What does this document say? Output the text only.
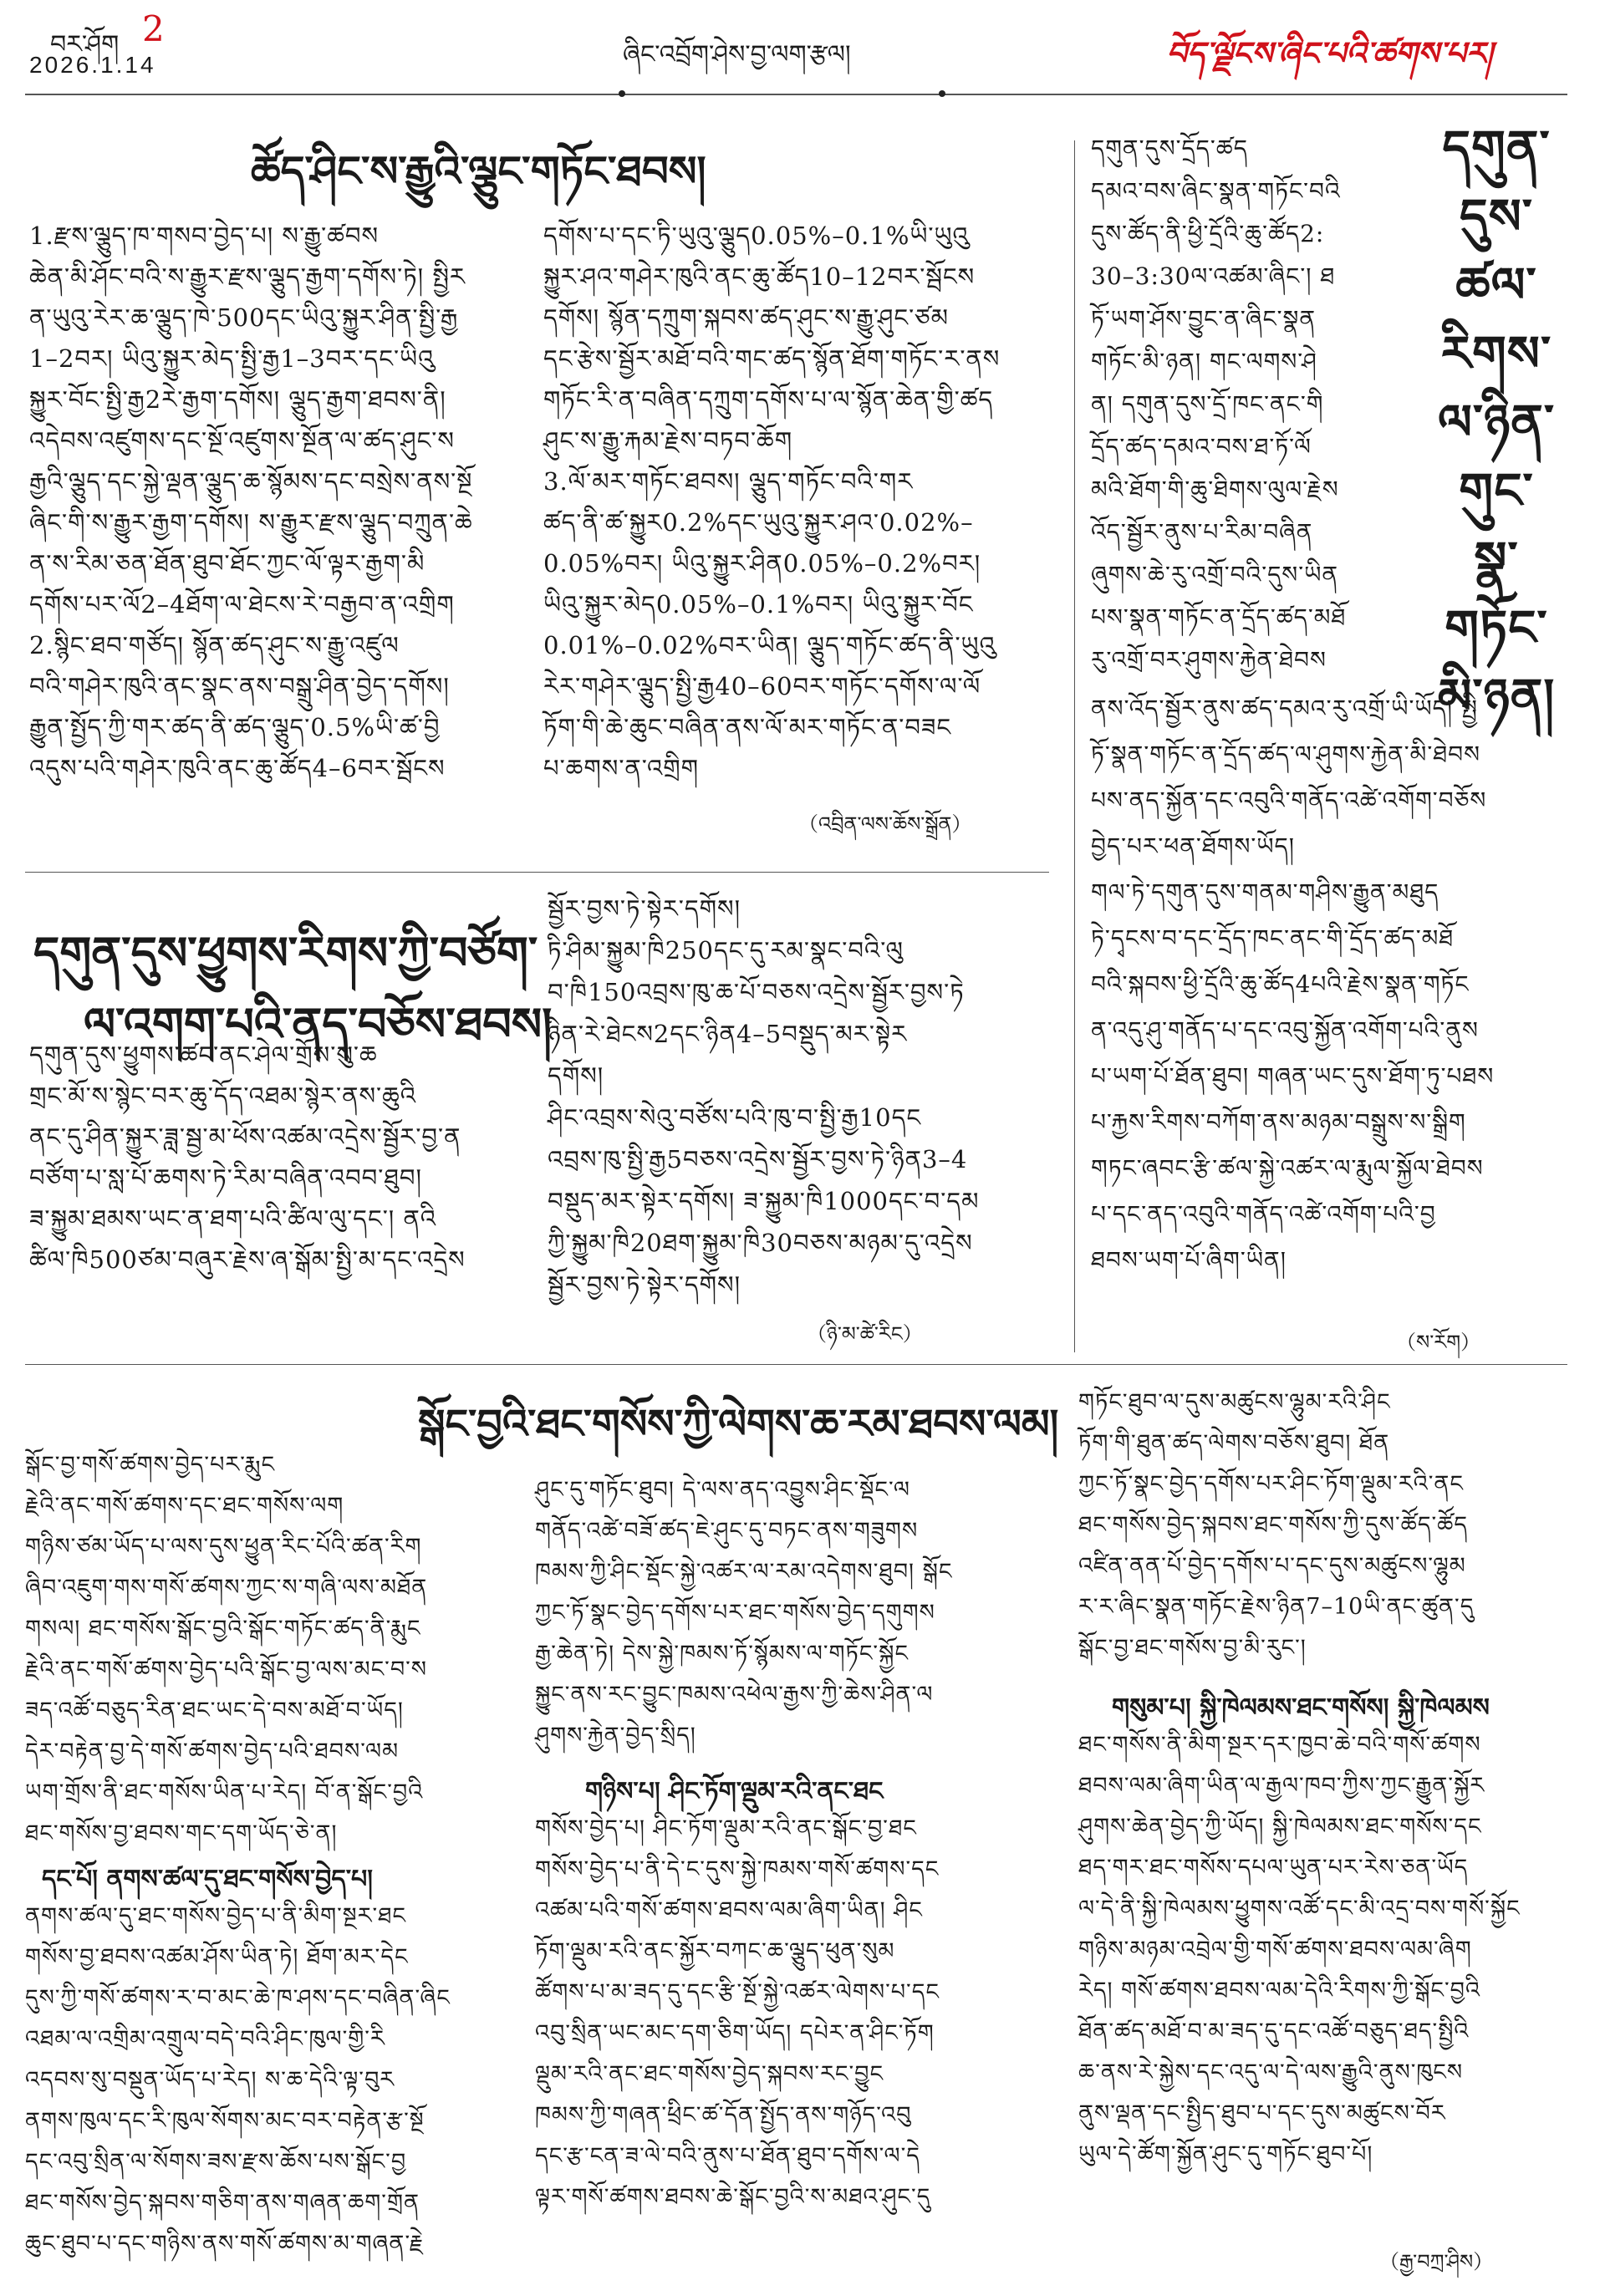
བར་ཤོག 2
2026.1.14	ཞིང་འབྲོག་ཤེས་བྱ་ལག་རྩལ།	བོད་ལྗོངས་ཞིང་པའི་ཚགས་པར།
ཚོད་ཤིང་ས་རྒྱུའི་ལྕུང་གཏོང་ཐབས།
1.རྫས་ལྕུད་ཁ་གསབ་བྱེད་པ། ས་རྒྱུ་ཚབས
ཆེན་མི་ཤོང་བའི་ས་རྒྱུར་རྫས་ལྕུད་རྒྱག་དགོས་ཏེ། སྤྱིར
ན་ཡུའུ་རེར་ཆ་ལྕུད་ཁེ་500དང་ཡིའུ་སྐྱུར་ཤིན་སྤྱི་རྒྱ
1–2བར། ཡིའུ་སྐྱུར་མེད་སྤྱི་རྒྱ1–3བར་དང་ཡིའུ
སྐྱུར་བོང་སྤྱི་རྒྱ2རེ་རྒྱག་དགོས། ལྕུད་རྒྱག་ཐབས་ནི།
འདེབས་འཛུགས་དང་སྔོ་འཛུགས་སྔོན་ལ་ཚད་ཤུང་ས
རྒྱའི་ལྕུད་དང་སྐྱེ་ལྡན་ལྕུད་ཆ་སྙོམས་དང་བསྲེས་ནས་སྔོ
ཞིང་གི་ས་རྒྱུར་རྒྱག་དགོས། ས་རྒྱུར་རྫས་ལྕུད་བཀྲུན་ཆེ
ན་ས་རིམ་ཅན་ཐོན་ཐུབ་ཐོང་ཀྱང་ལོ་ལྟར་རྒྱག་མི
དགོས་པར་ལོ2–4ཐོག་ལ་ཐེངས་རེ་བརྒྱབ་ན་འགྲིག
2.སྙིང་ཐབ་གཙོད། སྙོན་ཚད་ཤུང་ས་རྒྱུ་འཛུལ
བའི་གཤེར་ཁུའི་ནང་སྣང་ནས་བསྒྲུ་ཤིན་བྱེད་དགོས།
རྒྱུན་སྤྱོད་ཀྱི་གར་ཚད་ནི་ཚད་ལྕུད་0.5%ཡི་ཚ་བྱི
འདུས་པའི་གཤེར་ཁུའི་ནང་ཆུ་ཚོད4–6བར་སྦོངས
དགོས་པ་དང་ཏི་ཡུའུ་ལྕུད0.05%–0.1%ཡི་ཡུའུ
སྐྱུར་ཤའ་གཤེར་ཁུའི་ནང་ཆུ་ཚོད10–12བར་སྦོངས
དགོས། སྙོན་དཀྲུག་སྐབས་ཚད་ཤུང་ས་རྒྱུ་ཤུང་ཙམ
དང་རྩེས་སྦྱོར་མཐོ་བའི་གང་ཚད་སྙོན་ཐོག་གཏོང་ར་ནས
གཏོང་རི་ན་བཞིན་དཀྲུག་དགོས་པ་ལ་སྙོན་ཆེན་གྱི་ཚད
ཤུང་ས་རྒྱུ་རྐམ་རྗེས་བཏབ་ཆོག
3.ལོ་མར་གཏོང་ཐབས། ལྕུད་གཏོང་བའི་གར
ཚད་ནི་ཚ་སྐྱུར0.2%དང་ཡུའུ་སྐྱུར་ཤའ་0.02%–
0.05%བར། ཡིའུ་སྐྱུར་ཤིན0.05%–0.2%བར།
ཡིའུ་སྐྱུར་མེད0.05%–0.1%བར། ཡིའུ་སྐྱུར་བོང
0.01%–0.02%བར་ཡིན། ལྕུད་གཏོང་ཚད་ནི་ཡུའུ
རེར་གཤེར་ལྕུད་སྤྱི་རྒྱ40–60བར་གཏོང་དགོས་ལ་ལོ
ཏོག་གི་ཆེ་ཆུང་བཞིན་ནས་ལོ་མར་གཏོང་ན་བཟང
པ་ཆགས་ན་འགྲིག
（འབྲིན་ལས་ཆོས་སྒྲོན）
དགུན་དུས་ཕྱུགས་རིགས་ཀྱི་བཙོག་
ལ་འགག་པའི་ནད་བཅོས་ཐབས།
དགུན་དུས་ཕྱུགས་ཚང་ནང་ཤེལ་གྲོས་སུ་ཆ
གྲང་མོ་ས་སྙེང་བར་ཆུ་དོད་འཐམ་སྙེར་ནས་ཆུའི
ནང་དུ་ཤིན་སྐྱུར་ཟླ་སྦྱ་མ་ཕོས་འཚམ་འདྲེས་སྦྱོར་བྱ་ན
བཙོག་པ་སླ་པོ་ཆགས་ཏེ་རིམ་བཞིན་འབབ་ཐུབ།
ཟ་སྐྱུམ་ཐམས་ཡང་ན་ཐག་པའི་ཚིལ་ལུ་དང་། ནའི
ཚིལ་ཁི500ཙམ་བཞུར་རྗེས་ཞ་སྒོམ་སྤྱི་མ་དང་འདྲེས
སྦྱོར་བྱས་ཏེ་སྟེར་དགོས།
ཏི་ཤིམ་སྐྱུམ་ཁི250དང་དུ་རམ་སྣང་བའི་ལུ
བ་ཁི150འབྲས་ཁུ་ཆ་པོ་བཅས་འདྲེས་སྦྱོར་བྱས་ཏེ
ཉིན་རེ་ཐེངས2དང་ཉིན4–5བསྡུད་མར་སྟེར
དགོས།
ཤིང་འབྲས་སེའུ་བཙོས་པའི་ཁུ་བ་སྤྱི་རྒྱ10དང
འབྲས་ཁུ་སྤྱི་རྒྱ5བཅས་འདྲེས་སྦྱོར་བྱས་ཏེ་ཉིན3–4
བསྡུད་མར་སྟེར་དགོས། ཟ་སྐྱུམ་ཁི1000དང་བ་དམ
ཀྱི་སྐྱུམ་ཁི20ཐག་སྐྱུམ་ཁི30བཅས་མཉམ་དུ་འདྲེས
སྦྱོར་བྱས་ཏེ་སྟེར་དགོས།
（ཉི་མ་ཚེ་རིང）
དགུན་
དུས་
ཚལ་
རིགས་
ལ་ཉིན་
གུང་
སྣ་
གཏོང་
མི་ཉན།
དགུན་དུས་དྲོད་ཚད
དམའ་བས་ཞིང་སྣན་གཏོང་བའི
དུས་ཚོད་ནི་ཕྱི་དྲོའི་ཆུ་ཚོད2:
30–3:30ལ་འཚམ་ཞིང་། ཐ
ཏོ་ཡག་ཤོས་བྱུང་ན་ཞིང་སྣན
གཏོང་མི་ཉན། གང་ལགས་ཤེ
ན། དགུན་དུས་དྲོ་ཁང་ནང་གི
དྲོད་ཚད་དམའ་བས་ཐ་ཏོ་ལོ
མའི་ཐོག་གི་ཆུ་ཐིགས་ལུལ་རྗེས
འོད་སྦྱོར་ནུས་པ་རིམ་བཞིན
ཞུགས་ཆེ་རུ་འགྲོ་བའི་དུས་ཡིན
པས་སྣན་གཏོང་ན་དྲོད་ཚད་མཐོ
རུ་འགྲོ་བར་ཤུགས་རྐྱེན་ཐེབས
ནས་འོད་སྦྱོར་ནུས་ཚད་དམའ་རུ་འགྲོ་ཡི་ཡོད། སྤྱི
ཏོ་སྣན་གཏོང་ན་དྲོད་ཚད་ལ་ཤུགས་རྐྱེན་མི་ཐེབས
པས་ནད་སྐྱོན་དང་འབུའི་གནོད་འཚེ་འགོག་བཅོས
བྱེད་པར་ཕན་ཐོགས་ཡོད།
གལ་ཏེ་དགུན་དུས་གནམ་གཤིས་རྒྱུན་མཐུད
ཏེ་དྭངས་བ་དང་དྲོད་ཁང་ནང་གི་དྲོད་ཚད་མཐོ
བའི་སྐབས་ཕྱི་དྲོའི་ཆུ་ཚོད4པའི་རྗེས་སྣན་གཏོང
ན་འདུ་ཤུ་གནོད་པ་དང་འབུ་སྐྱོན་འགོག་པའི་ནུས
པ་ཡག་པོ་ཐོན་ཐུབ། གཞན་ཡང་དུས་ཐོག་ཏུ་པཐས
པ་རྐྱས་རིགས་བཀོག་ནས་མཉམ་བསྒྲུས་ས་སྒྲིག
གཏང་ཞབང་རྩི་ཚལ་སྐྱེ་འཚར་ལ་རྨུལ་སྐྱོལ་ཐེབས
པ་དང་ནད་འབུའི་གནོད་འཚེ་འགོག་པའི་བྱ
ཐབས་ཡག་པོ་ཞིག་ཡིན།
（ས་རོག）
སྒོང་བྱའི་ཐང་གསོས་ཀྱི་ལེགས་ཆ་རམ་ཐབས་ལམ།
སྒོང་བྱ་གསོ་ཚགས་བྱེད་པར་རྨུང
རྗེའི་ནང་གསོ་ཚགས་དང་ཐང་གསོས་ལག
གཉིས་ཙམ་ཡོད་པ་ལས་དུས་ཕྱུན་རིང་པོའི་ཚན་རིག
ཞིབ་འཇུག་གས་གསོ་ཚགས་ཀྱང་ས་གཞི་ལས་མཐོན
གསལ། ཐང་གསོས་སྒོང་བྱའི་སྒོང་གཏོང་ཚད་ནི་རྨུང
རྗེའི་ནང་གསོ་ཚགས་བྱེད་པའི་སྒོང་བྱ་ལས་མང་བ་ས
ཟད་འཚོ་བཅུད་རིན་ཐང་ཡང་དེ་བས་མཐོ་བ་ཡོད།
དེར་བརྟེན་བྱ་དེ་གསོ་ཚགས་བྱེད་པའི་ཐབས་ལམ
ཡག་གྲོས་ནི་ཐང་གསོས་ཡིན་པ་རེད། བོ་ན་སྒོང་བྱའི
ཐང་གསོས་བྱ་ཐབས་གང་དག་ཡོད་ཅེ་ན།
དང་པོ། ནགས་ཚལ་དུ་ཐང་གསོས་བྱེད་པ།
ནགས་ཚལ་དུ་ཐང་གསོས་བྱེད་པ་ནི་མིག་སྔར་ཐང
གསོས་བྱ་ཐབས་འཚམ་ཤོས་ཡིན་ཏེ། ཐོག་མར་དེང
དུས་ཀྱི་གསོ་ཚགས་ར་བ་མང་ཆེ་ཁ་ཤས་དང་བཞིན་ཞིང
འཐམ་ལ་འགྲིམ་འགྲུལ་བདེ་བའི་ཤིང་ཁུལ་གྱི་རི
འདབས་སུ་བསྡུན་ཡོད་པ་རེད། ས་ཆ་དེའི་ལྟ་བུར
ནགས་ཁུལ་དང་རི་ཁུལ་སོགས་མང་བར་བརྟེན་རྩ་སྔོ
དང་འབུ་སྲིན་ལ་སོགས་ཟས་རྫས་ཆོས་པས་སྒོང་བྱ
ཐང་གསོས་བྱེད་སྐབས་གཅིག་ནས་གཞན་ཆག་གྲོན
ཆུང་ཐུབ་པ་དང་གཉིས་ནས་གསོ་ཚགས་མ་གཞན་རྗེ
ཤུང་དུ་གཏོང་ཐུབ། དེ་ལས་ནད་འབྱུས་ཤིང་སྡོང་ལ
གནོད་འཚེ་བཟོ་ཚད་ཇེ་ཤུང་དུ་བཏང་ནས་གཟུགས
ཁམས་ཀྱི་ཤིང་སྡོང་སྐྱེ་འཚར་ལ་རམ་འདེགས་ཐུབ། སྒོང
ཀྱང་ཏོ་སྣང་བྱེད་དགོས་པར་ཐང་གསོས་བྱེད་དགུགས
རྒྱ་ཆེན་ཏེ། དེས་སྐྱེ་ཁམས་ཏོ་སྙོམས་ལ་གཏོང་སྐྱོང
སྐྱུང་ནས་རང་བྱུང་ཁམས་འཕེལ་རྒྱས་ཀྱི་ཆེས་ཤིན་ལ
ཤུགས་རྐྱེན་བྱེད་སྲིད།
གཉིས་པ། ཤིང་ཏོག་ལྡུམ་རའི་ནང་ཐང
གསོས་བྱེད་པ། ཤིང་ཏོག་ལྡུམ་རའི་ནང་སྒོང་བྱ་ཐང
གསོས་བྱེད་པ་ནི་དེ་ང་དུས་སྐྱེ་ཁམས་གསོ་ཚགས་དང
འཚམ་པའི་གསོ་ཚགས་ཐབས་ལམ་ཞིག་ཡིན། ཤིང
ཏོག་ལྡུམ་རའི་ནང་སྐྱོར་བཀང་ཆ་ལྕུད་ཕུན་སུམ
ཚོགས་པ་མ་ཟད་དུ་དང་རྩི་སྔོ་སྐྱེ་འཚར་ལེགས་པ་དང
འབུ་སྲིན་ཡང་མང་དག་ཅིག་ཡོད། དཔེར་ན་ཤིང་ཏོག
ལྡུམ་རའི་ནང་ཐང་གསོས་བྱེད་སྐབས་རང་བྱུང
ཁམས་ཀྱི་གཞན་ཕྲིང་ཚ་དོན་སྤྱོད་ནས་གཉོད་འབུ
དང་རྩ་ངན་ཟ་ལེ་བའི་ནུས་པ་ཐོན་ཐུབ་དགོས་ལ་དེ
ལྟར་གསོ་ཚགས་ཐབས་ཆེ་སྒོང་བྱའི་ས་མཐའ་ཤུང་དུ
གཏོང་ཐུབ་ལ་དུས་མཚུངས་ལྷུམ་རའི་ཤིང
ཏོག་གི་ཐུན་ཚད་ལེགས་བཅོས་ཐུབ། ཐོན
ཀྱང་ཏོ་སྣང་བྱེད་དགོས་པར་ཤིང་ཏོག་ལྡུམ་རའི་ནང
ཐང་གསོས་བྱེད་སྐབས་ཐང་གསོས་ཀྱི་དུས་ཚོད་ཚོད
འཛིན་ནན་པོ་བྱེད་དགོས་པ་དང་དུས་མཚུངས་ལྷུམ
ར་ར་ཞིང་སྣན་གཏོང་རྗེས་ཉིན7–10ཡི་ནང་ཚུན་དུ
སྒོང་བྱ་ཐང་གསོས་བྱ་མི་རུང་།
གསུམ་པ། སྐྱི་ཁེལམས་ཐང་གསོས། སྐྱི་ཁེལམས
ཐང་གསོས་ནི་མིག་སྔར་དར་ཁྱབ་ཆེ་བའི་གསོ་ཚགས
ཐབས་ལམ་ཞིག་ཡིན་ལ་རྒྱལ་ཁབ་ཀྱིས་ཀྱང་རྒྱུན་སྐྱོར
ཤུགས་ཆེན་བྱེད་ཀྱི་ཡོད། སྐྱི་ཁེལམས་ཐང་གསོས་དང
ཐད་གར་ཐང་གསོས་དཔལ་ཡུན་པར་རེས་ཅན་ཡོད
ལ་དེ་ནི་སྐྱི་ཁེལམས་ཕྱུགས་འཚོ་དང་མི་འདྲ་བས་གསོ་སྐྱོང
གཉིས་མཉམ་འབྲེལ་གྱི་གསོ་ཚགས་ཐབས་ལམ་ཞིག
རེད། གསོ་ཚགས་ཐབས་ལམ་དེའི་རིགས་ཀྱི་སྒོང་བྱའི
ཐོན་ཚད་མཐོ་བ་མ་ཟད་དུ་དང་འཚོ་བཅུད་ཐད་སྤྱིའི
ཆ་ནས་རེ་སྐྱེས་དང་འདུ་ལ་དེ་ལས་རྒྱུའི་ནུས་ཁུངས
ནུས་ལྡན་དང་སྤྱིད་ཐུབ་པ་དང་དུས་མཚུངས་བོར
ཡུལ་དེ་ཚོག་སྐྱོན་ཤུང་དུ་གཏོང་ཐུབ་པོ།
（རྒྱ་བཀྲ་ཤིས）
